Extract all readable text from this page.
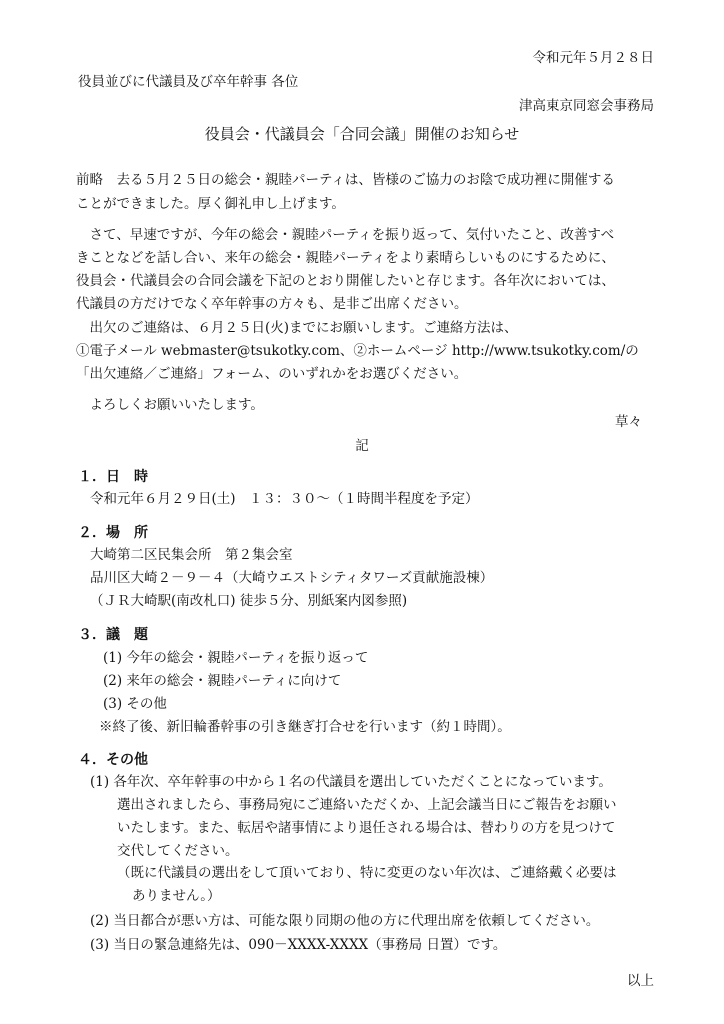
令和元年５月２８日
役員並びに代議員及び卒年幹事 各位
津高東京同窓会事務局
役員会・代議員会「合同会議」開催のお知らせ
前略　去る５月２５日の総会・親睦パーティは、皆様のご協力のお陰で成功裡に開催する
ことができました。厚く御礼申し上げます。
　さて、早速ですが、今年の総会・親睦パーティを振り返って、気付いたこと、改善すべ
きことなどを話し合い、来年の総会・親睦パーティをより素晴らしいものにするために、
役員会・代議員会の合同会議を下記のとおり開催したいと存じます。各年次においては、
代議員の方だけでなく卒年幹事の方々も、是非ご出席ください。
　出欠のご連絡は、６月２５日(火)までにお願いします。ご連絡方法は、
①電子メール webmaster@tsukotky.com、②ホームページ http://www.tsukotky.com/の
「出欠連絡／ご連絡」フォーム、のいずれかをお選びください。
　よろしくお願いいたします。
草々
記
１．日　時
令和元年６月２９日(土)　１３：３０～（１時間半程度を予定）
２．場　所
大崎第二区民集会所　第２集会室
品川区大崎２－９－４（大崎ウエストシティタワーズ貢献施設棟）
（ＪＲ大崎駅(南改札口) 徒歩５分、別紙案内図参照)
３．議　題
(1) 今年の総会・親睦パーティを振り返って
(2) 来年の総会・親睦パーティに向けて
(3) その他
※終了後、新旧輪番幹事の引き継ぎ打合せを行います（約１時間）。
４．その他
(1) 各年次、卒年幹事の中から１名の代議員を選出していただくことになっています。
選出されましたら、事務局宛にご連絡いただくか、上記会議当日にご報告をお願い
いたします。また、転居や諸事情により退任される場合は、替わりの方を見つけて
交代してください。
（既に代議員の選出をして頂いており、特に変更のない年次は、ご連絡戴く必要は
ありません。）
(2) 当日都合が悪い方は、可能な限り同期の他の方に代理出席を依頼してください。
(3) 当日の緊急連絡先は、090－XXXX-XXXX（事務局 日置）です。
以上
